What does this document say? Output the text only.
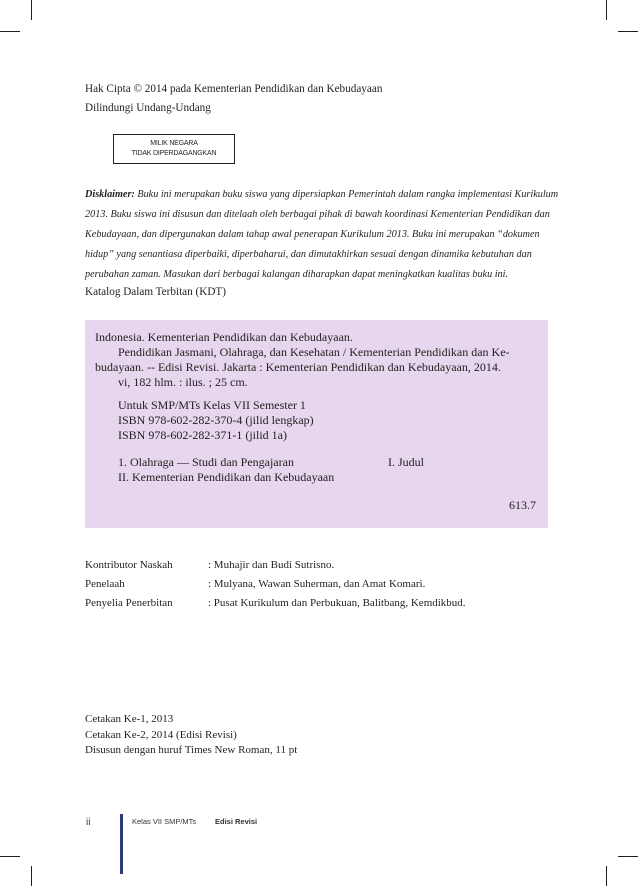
Hak Cipta © 2014 pada Kementerian Pendidikan dan Kebudayaan
Dilindungi Undang-Undang
MILIK NEGARA
TIDAK DIPERDAGANGKAN
Disklaimer: Buku ini merupakan buku siswa yang dipersiapkan Pemerintah dalam rangka implementasi Kurikulum
2013. Buku siswa ini disusun dan ditelaah oleh berbagai pihak di bawah koordinasi Kementerian Pendidikan dan
Kebudayaan, dan dipergunakan dalam tahap awal penerapan Kurikulum 2013. Buku ini merupakan “dokumen
hidup” yang senantiasa diperbaiki, diperbaharui, dan dimutakhirkan sesuai dengan dinamika kebutuhan dan
perubahan zaman. Masukan dari berbagai kalangan diharapkan dapat meningkatkan kualitas buku ini.
Katalog Dalam Terbitan (KDT)
Indonesia. Kementerian Pendidikan dan Kebudayaan.
Pendidikan Jasmani, Olahraga, dan Kesehatan / Kementerian Pendidikan dan Ke-
budayaan. -- Edisi Revisi. Jakarta : Kementerian Pendidikan dan Kebudayaan, 2014.
vi, 182 hlm. : ilus. ; 25 cm.
Untuk SMP/MTs Kelas VII Semester 1
ISBN 978-602-282-370-4 (jilid lengkap)
ISBN 978-602-282-371-1 (jilid 1a)
1. Olahraga — Studi dan Pengajaran	I. Judul
II. Kementerian Pendidikan dan Kebudayaan
613.7
Kontributor Naskah	: Muhajir dan Budi Sutrisno.
Penelaah	: Mulyana, Wawan Suherman, dan Amat Komari.
Penyelia Penerbitan	: Pusat Kurikulum dan Perbukuan, Balitbang, Kemdikbud.
Cetakan Ke-1, 2013
Cetakan Ke-2, 2014 (Edisi Revisi)
Disusun dengan huruf Times New Roman, 11 pt
ii	Kelas VII SMP/MTs	Edisi Revisi
